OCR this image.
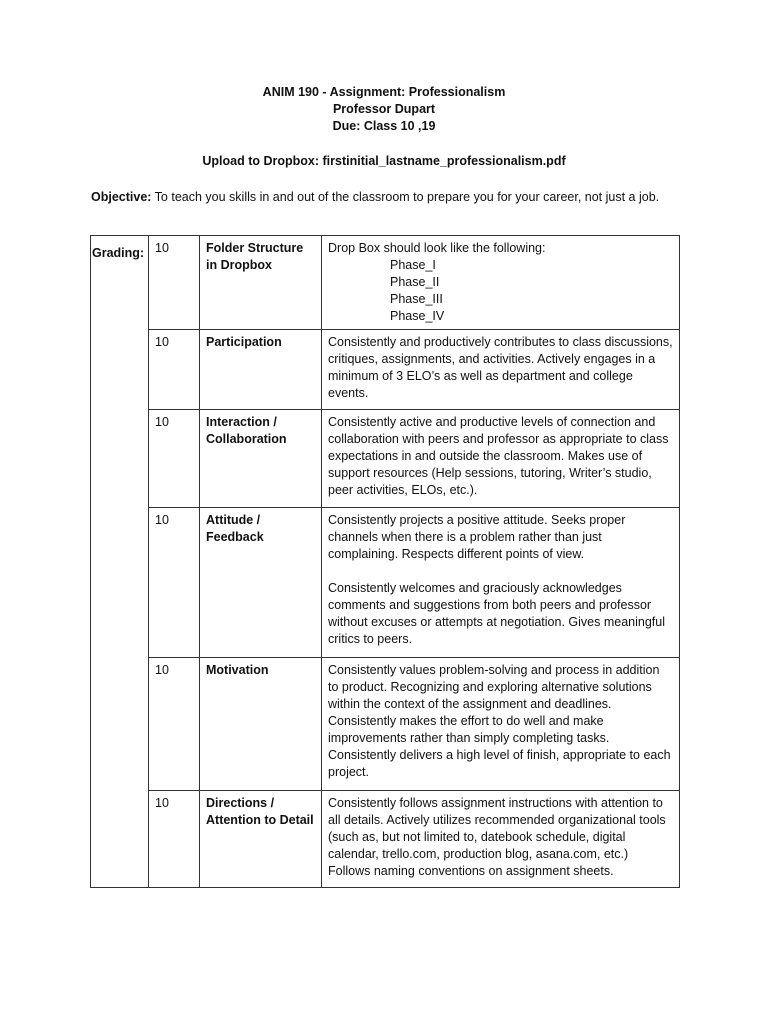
ANIM 190 - Assignment: Professionalism
Professor Dupart
Due: Class 10 ,19
Upload to Dropbox: firstinitial_lastname_professionalism.pdf
Objective: To teach you skills in and out of the classroom to prepare you for your career, not just a job.
Grading:	10	Folder Structure in Dropbox	Drop Box should look like the following:
Phase_I
Phase_II
Phase_III
Phase_IV

	10	Participation	Consistently and productively contributes to class discussions, critiques, assignments, and activities. Actively engages in a minimum of 3 ELO’s as well as department and college events.
	10	Interaction / Collaboration	Consistently active and productive levels of connection and collaboration with peers and professor as appropriate to class expectations in and outside the classroom. Makes use of support resources (Help sessions, tutoring, Writer’s studio, peer activities, ELOs, etc.).
	10	Attitude / Feedback	Consistently projects a positive attitude. Seeks proper channels when there is a problem rather than just complaining. Respects different points of view.
Consistently welcomes and graciously acknowledges comments and suggestions from both peers and professor without excuses or attempts at negotiation. Gives meaningful critics to peers.

	10	Motivation	Consistently values problem-solving and process in addition to product. Recognizing and exploring alternative solutions within the context of the assignment and deadlines. Consistently makes the effort to do well and make improvements rather than simply completing tasks. Consistently delivers a high level of finish, appropriate to each project.
	10	Directions / Attention to Detail	Consistently follows assignment instructions with attention to all details. Actively utilizes recommended organizational tools (such as, but not limited to, datebook schedule, digital calendar, trello.com, production blog, asana.com, etc.) Follows naming conventions on assignment sheets.
